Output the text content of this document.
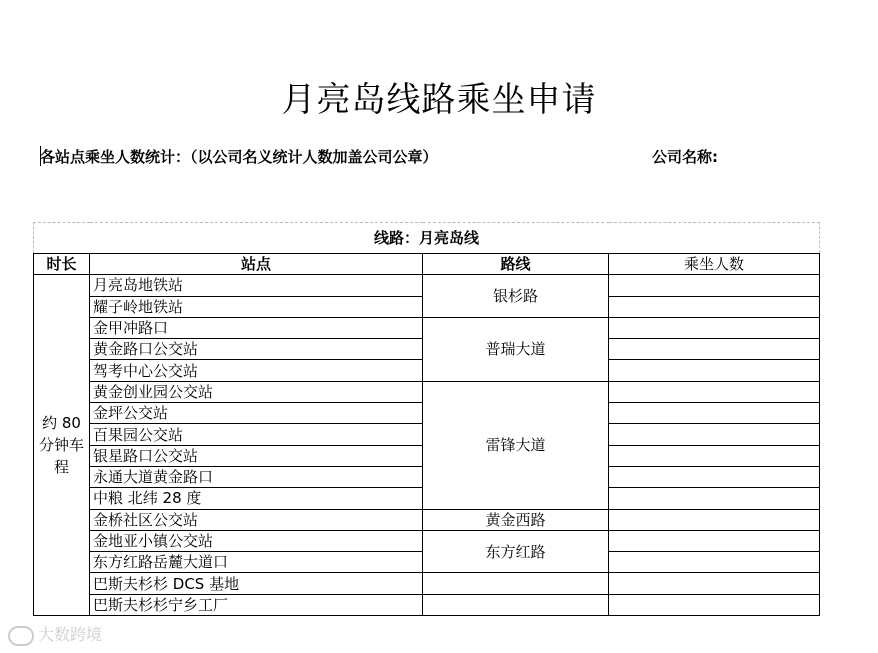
月亮岛线路乘坐申请
各站点乘坐人数统计：（以公司名义统计人数加盖公司公章）	公司名称:
线路：月亮岛线			
时长	站点	路线	乘坐人数
约 80 分钟车程	月亮岛地铁站	银杉路	
	耀子岭地铁站		
	金甲冲路口	普瑞大道	
	黄金路口公交站		
	驾考中心公交站		
	黄金创业园公交站	雷锋大道	
	金坪公交站		
	百果园公交站		
	银星路口公交站		
	永通大道黄金路口		
	中粮 北纬 28 度		
	金桥社区公交站	黄金西路	
	金地亚小镇公交站	东方红路	
	东方红路岳麓大道口		
	巴斯夫杉杉 DCS 基地		
	巴斯夫杉杉宁乡工厂		
大数跨境
